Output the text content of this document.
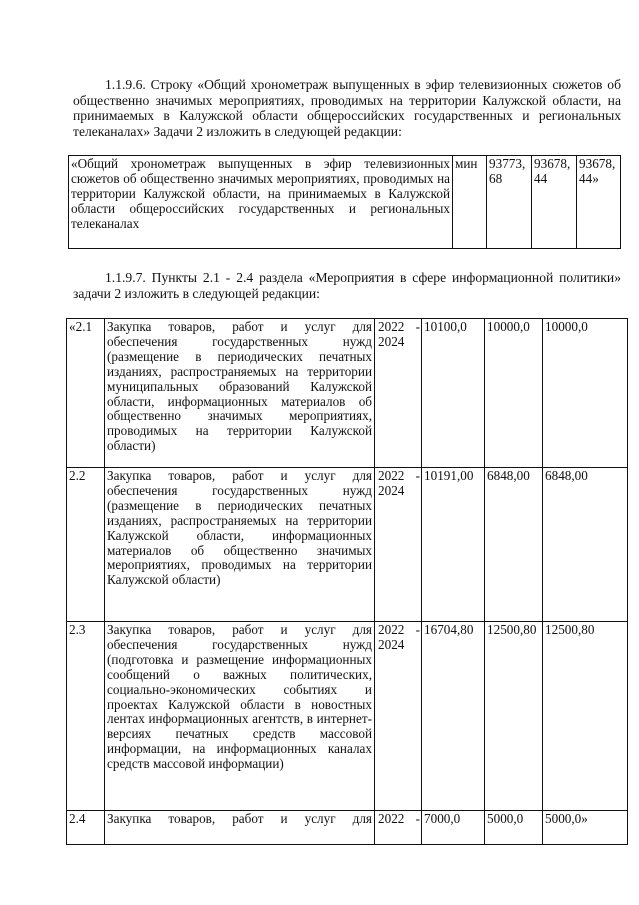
1.1.9.6. Строку «Общий хронометраж выпущенных в эфир телевизионных сюжетов об общественно значимых мероприятиях, проводимых на территории Калужской области, на принимаемых в Калужской области общероссийских государственных и региональных телеканалах» Задачи 2 изложить в следующей редакции:

«Общий хронометраж выпущенных в эфир телевизионных сюжетов об общественно значимых мероприятиях, проводимых на территории Калужской области, на принимаемых в Калужской области общероссийских государственных и региональных телеканалах	мин	93773,68	93678,44	93678,44»

1.1.9.7. Пункты 2.1 - 2.4 раздела «Мероприятия в сфере информационной политики» задачи 2 изложить в следующей редакции:

«2.1	Закупка товаров, работ и услуг для обеспечения государственных нужд (размещение в периодических печатных изданиях, распространяемых на территории муниципальных образований Калужской области, информационных материалов об общественно значимых мероприятиях, проводимых на территории Калужской области)	2022 -
2024	10100,0	10000,0	10000,0
2.2	Закупка товаров, работ и услуг для обеспечения государственных нужд (размещение в периодических печатных изданиях, распространяемых на территории Калужской области, информационных материалов об общественно значимых мероприятиях, проводимых на территории Калужской области)	2022 -
2024	10191,00	6848,00	6848,00
2.3	Закупка товаров, работ и услуг для обеспечения государственных нужд (подготовка и размещение информационных сообщений о важных политических, социально-экономических событиях и проектах Калужской области в новостных лентах информационных агентств, в интернет-версиях печатных средств массовой информации, на информационных каналах средств массовой информации)	2022 -
2024	16704,80	12500,80	12500,80
2.4	Закупка товаров, работ и услуг для	2022 -	7000,0	5000,0	5000,0»
